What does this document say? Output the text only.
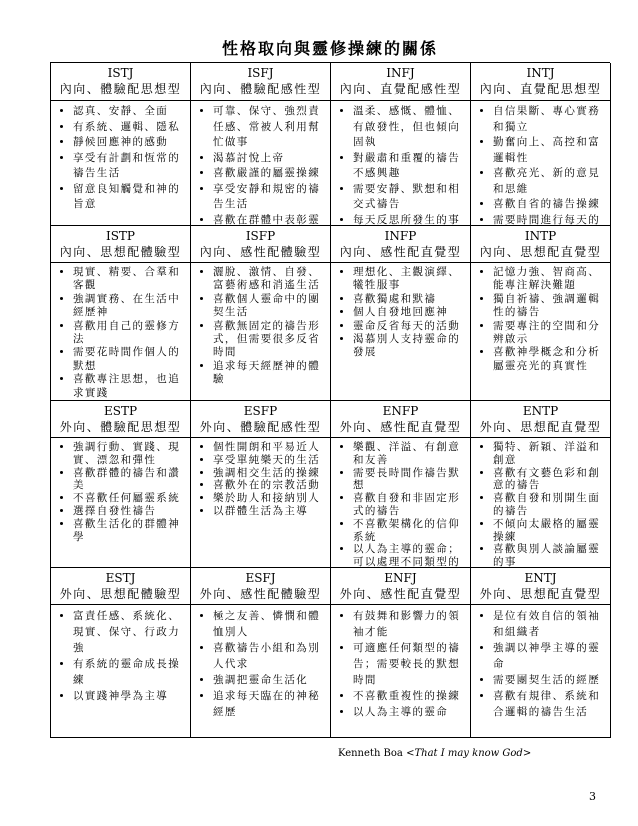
性格取向與靈修操練的關係
ISTJ
內向、體驗配思想型
ISFJ
內向、體驗配感性型
INFJ
內向、直覺配感性型
INTJ
內向、直覺配思想型
• 認真、安靜、全面
• 有系統、邏輯、隱私
• 靜候回應神的感動
• 享受有計劃和恆常的禱告生活
• 留意良知觸覺和神的旨意
• 可靠、保守、強烈責任感、常被人利用幫忙做事
• 渴慕討悅上帝
• 喜歡嚴謹的屬靈操練
• 享受安靜和規密的禱告生活
• 喜歡在群體中表彰靈
• 溫柔、感慨、體恤、有啟發性，但也傾向固執
• 對嚴肅和重覆的禱告不感興趣
• 需要安靜、默想和相交式禱告
• 每天反思所發生的事
• 自信果斷、專心實務和獨立
• 勤奮向上、高控和富邏輯性
• 喜歡亮光、新的意見和思維
• 喜歡自省的禱告操練
• 需要時間進行每天的
ISTP
內向、思想配體驗型
ISFP
內向、感性配體驗型
INFP
內向、感性配直覺型
INTP
內向、思想配直覺型
• 現實、精要、合羣和客觀
• 強調實務、在生活中經歷神
• 喜歡用自己的靈修方法
• 需要花時間作個人的默想
• 喜歡專注思想，也追求實踐
• 灑脫、激情、自發、富藝術感和消遙生活
• 喜歡個人靈命中的團契生活
• 喜歡無固定的禱告形式，但需要很多反省時間
• 追求每天經歷神的體驗
• 理想化、主觀演繹、犧牲服事
• 喜歡獨處和默禱
• 個人自發地回應神
• 靈命反省每天的活動
• 渴慕別人支持靈命的發展
• 記憶力強、智商高、能專注解決難題
• 獨自祈禱、強調邏輯性的禱告
• 需要專注的空間和分辨啟示
• 喜歡神學概念和分析屬靈亮光的真實性
ESTP
外向、體驗配思想型
ESFP
外向、體驗配感性型
ENFP
外向、感性配直覺型
ENTP
外向、思想配直覺型
• 強調行動、實踐、現實、漂忽和彈性
• 喜歡群體的禱告和讚美
• 不喜歡任何屬靈系統
• 選擇自發性禱告
• 喜歡生活化的群體神學
• 個性開朗和平易近人
• 享受單純樂天的生活
• 強調相交生活的操練
• 喜歡外在的宗教活動
• 樂於助人和接納別人
• 以群體生活為主導
• 樂觀、洋溢、有創意和友善
• 需要長時間作禱告默想
• 喜歡自發和非固定形式的禱告
• 不喜歡架構化的信仰系統
• 以人為主導的靈命；可以處理不同類型的
• 獨特、新穎、洋溢和創意
• 喜歡有文藝色彩和創意的禱告
• 喜歡自發和別開生面的禱告
• 不傾向太嚴格的屬靈操練
• 喜歡與別人談論屬靈的事
ESTJ
外向、思想配體驗型
ESFJ
外向、感性配體驗型
ENFJ
外向、感性配直覺型
ENTJ
外向、思想配直覺型
• 富責任感、系統化、現實、保守、行政力強
• 有系統的靈命成長操練
• 以實踐神學為主導
• 極之友善、憐憫和體恤別人
• 喜歡禱告小組和為別人代求
• 強調把靈命生活化
• 追求每天臨在的神秘經歷
• 有鼓舞和影響力的領袖才能
• 可適應任何類型的禱告；需要較長的默想時間
• 不喜歡重複性的操練
• 以人為主導的靈命
• 是位有效自信的領袖和組織者
• 強調以神學主導的靈命
• 需要團契生活的經歷
• 喜歡有規律、系統和合邏輯的禱告生活
Kenneth Boa <That I may know God>
3
